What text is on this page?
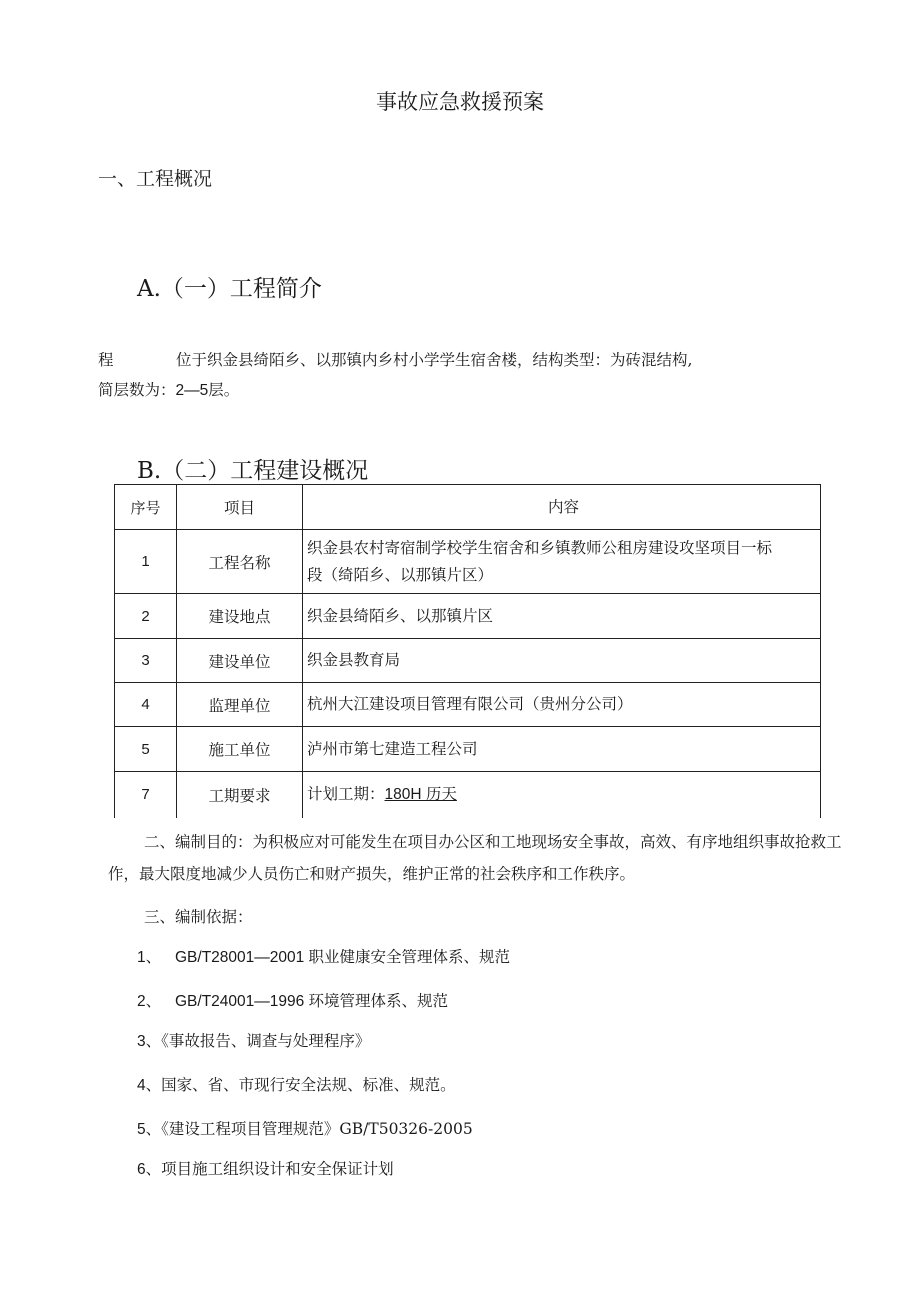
事故应急救援预案
一、工程概况
A.（一）工程简介
程	位于织金县绮陌乡、以那镇内乡村小学学生宿舍楼，结构类型：为砖混结构,
简层数为：2—5层。
B.（二）工程建设概况
序号	项目	内容
1	工程名称	织金县农村寄宿制学校学生宿舍和乡镇教师公租房建设攻坚项目一标
段（绮陌乡、以那镇片区）

2	建设地点	织金县绮陌乡、以那镇片区
3	建设单位	织金县教育局
4	监理单位	杭州大江建设项目管理有限公司（贵州分公司）
5	施工单位	泸州市第七建造工程公司
7	工期要求	计划工期：180H 历天
二、编制目的：为积极应对可能发生在项目办公区和工地现场安全事故，高效、有序地组织事故抢救工作，最大限度地减少人员伤亡和财产损失，维护正常的社会秩序和工作秩序。
三、编制依据：
1、 GB/T28001—2001 职业健康安全管理体系、规范
2、 GB/T24001—1996 环境管理体系、规范
3、《事故报告、调查与处理程序》
4、国家、省、市现行安全法规、标准、规范。
5、《建设工程项目管理规范》GB/T50326-2005
6、项目施工组织设计和安全保证计划
